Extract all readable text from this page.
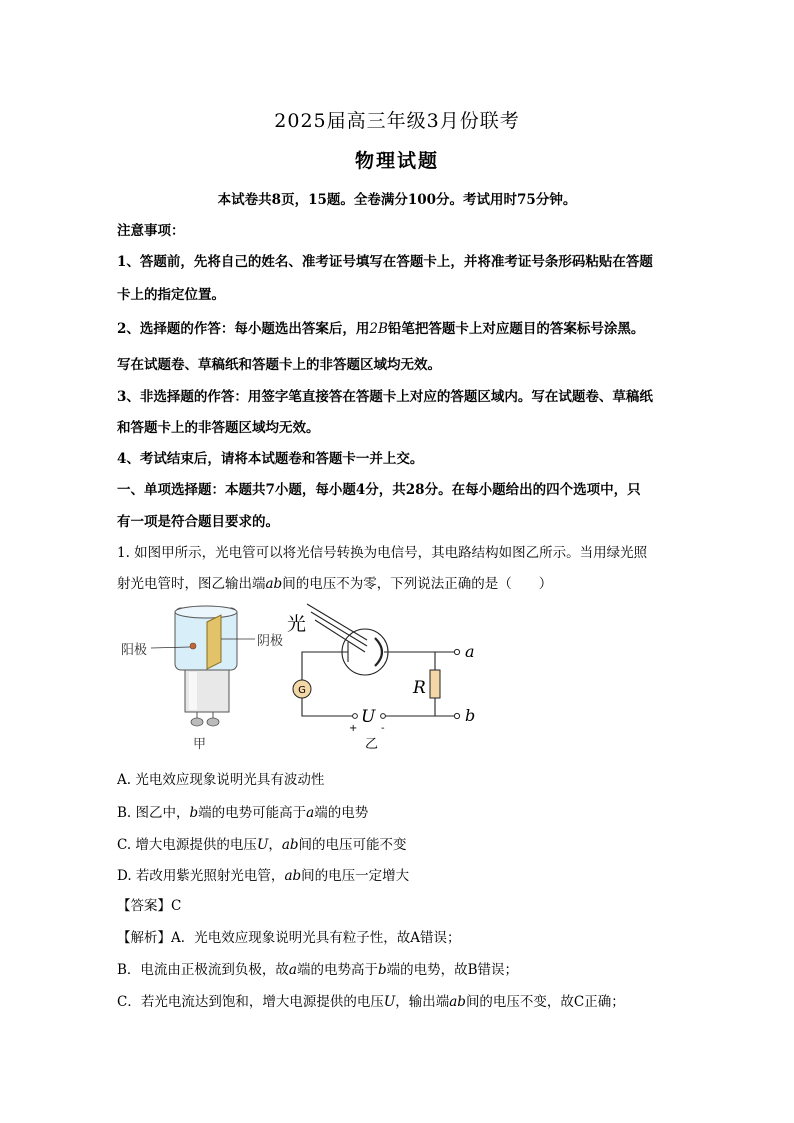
2025届高三年级3月份联考
物理试题
本试卷共8页，15题。全卷满分100分。考试用时75分钟。
注意事项：
1、答题前，先将自己的姓名、准考证号填写在答题卡上，并将准考证号条形码粘贴在答题
卡上的指定位置。
2、选择题的作答：每小题选出答案后，用2B铅笔把答题卡上对应题目的答案标号涂黑。
写在试题卷、草稿纸和答题卡上的非答题区域均无效。
3、非选择题的作答：用签字笔直接答在答题卡上对应的答题区域内。写在试题卷、草稿纸
和答题卡上的非答题区域均无效。
4、考试结束后，请将本试题卷和答题卡一并上交。
一、单项选择题：本题共7小题，每小题4分，共28分。在每小题给出的四个选项中，只
有一项是符合题目要求的。
1. 如图甲所示，光电管可以将光信号转换为电信号，其电路结构如图乙所示。当用绿光照
射光电管时，图乙输出端ab间的电压不为零，下列说法正确的是（　　）
阳极
阴极
甲
G
光
R
U
+ -
a
b
乙
A. 光电效应现象说明光具有波动性
B. 图乙中，b端的电势可能高于a端的电势
C. 增大电源提供的电压U，ab间的电压可能不变
D. 若改用紫光照射光电管，ab间的电压一定增大
【答案】C
【解析】A．光电效应现象说明光具有粒子性，故A错误；
B．电流由正极流到负极，故a端的电势高于b端的电势，故B错误；
C．若光电流达到饱和，增大电源提供的电压U，输出端ab间的电压不变，故C正确；
